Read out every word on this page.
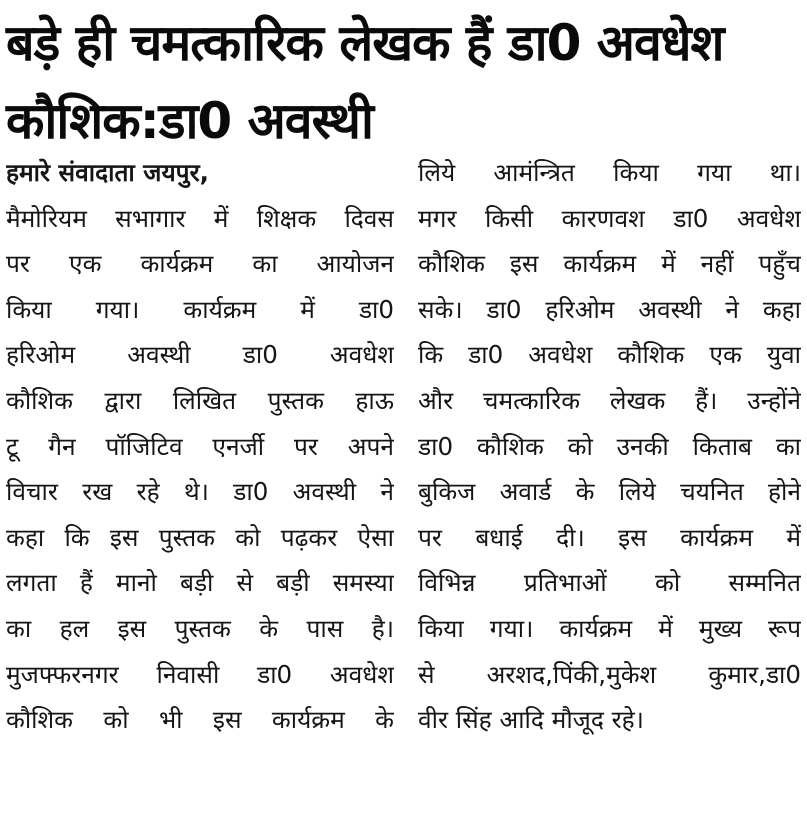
बड़े ही चमत्कारिक लेखक हैं डा0 अवधेश
कौशिक:डा0 अवस्थी
हमारे संवादाता जयपुर,
मैमोरियम सभागार में शिक्षक दिवस
पर एक कार्यक्रम का आयोजन
किया गया। कार्यक्रम में डा0
हरिओम अवस्थी डा0 अवधेश
कौशिक द्वारा लिखित पुस्तक हाऊ
टू गैन पॉजिटिव एनर्जी पर अपने
विचार रख रहे थे। डा0 अवस्थी ने
कहा कि इस पुस्तक को पढ़कर ऐसा
लगता हैं मानो बड़ी से बड़ी समस्या
का हल इस पुस्तक के पास है।
मुजफ्फरनगर निवासी डा0 अवधेश
कौशिक को भी इस कार्यक्रम के
लिये आमंन्त्रित किया गया था।
मगर किसी कारणवश डा0 अवधेश
कौशिक इस कार्यक्रम में नहीं पहुँच
सके। डा0 हरिओम अवस्थी ने कहा
कि डा0 अवधेश कौशिक एक युवा
और चमत्कारिक लेखक हैं। उन्होंने
डा0 कौशिक को उनकी किताब का
बुकिज अवार्ड के लिये चयनित होने
पर बधाई दी। इस कार्यक्रम में
विभिन्न प्रतिभाओं को सम्मनित
किया गया। कार्यक्रम में मुख्य रूप
से अरशद,पिंकी,मुकेश कुमार,डा0
वीर सिंह आदि मौजूद रहे।
